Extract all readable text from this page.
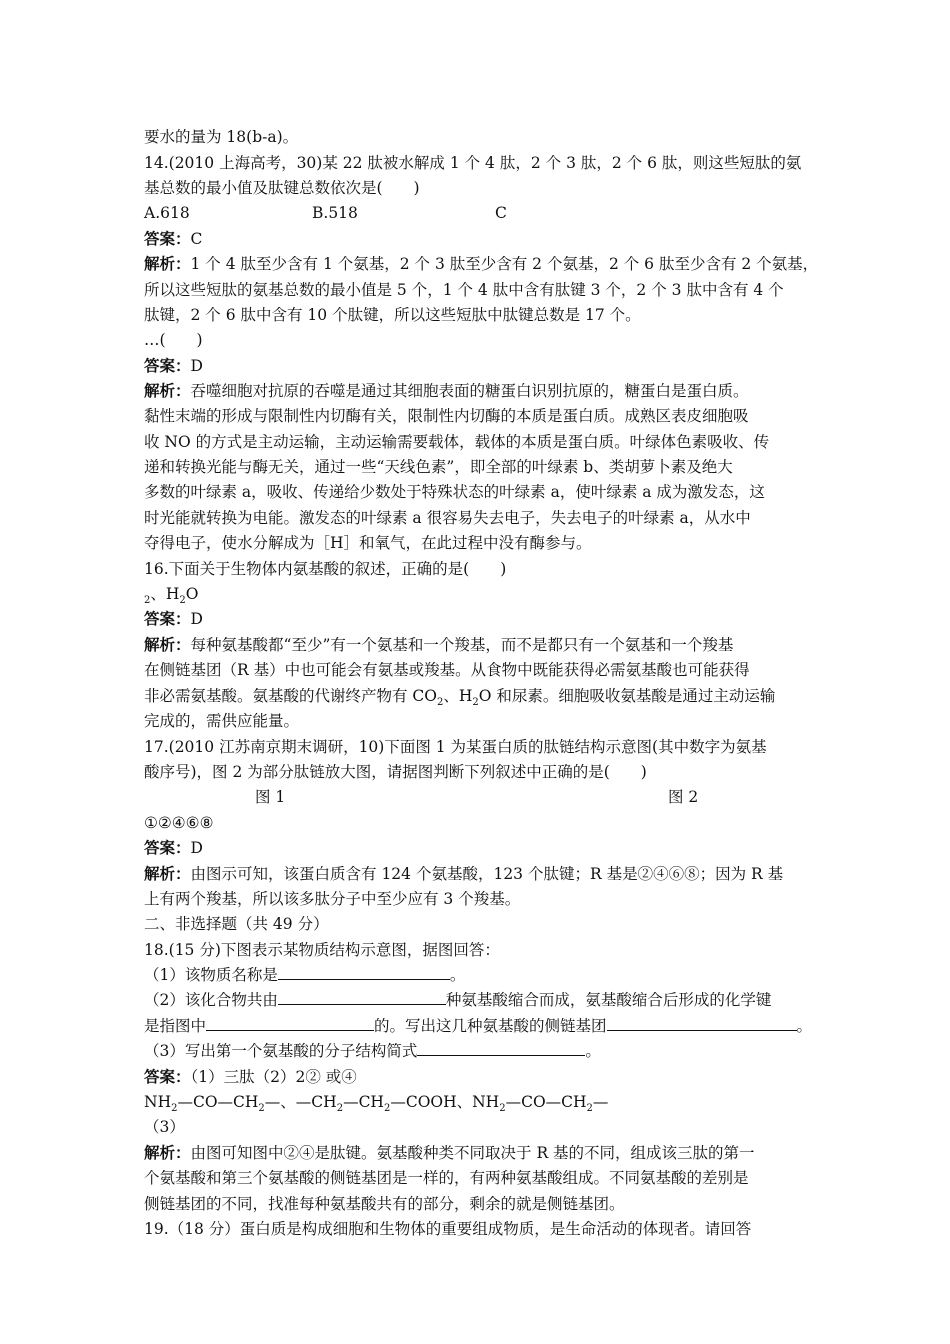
要水的量为 18(b-a)。
14.(2010 上海高考，30)某 22 肽被水解成 1 个 4 肽，2 个 3 肽，2 个 6 肽，则这些短肽的氨
基总数的最小值及肽键总数依次是(　　)
A.618	B.518	C
答案：C
解析：1 个 4 肽至少含有 1 个氨基，2 个 3 肽至少含有 2 个氨基，2 个 6 肽至少含有 2 个氨基，
所以这些短肽的氨基总数的最小值是 5 个，1 个 4 肽中含有肽键 3 个，2 个 3 肽中含有 4 个
肽键，2 个 6 肽中含有 10 个肽键，所以这些短肽中肽键总数是 17 个。
…(　　)
答案：D
解析：吞噬细胞对抗原的吞噬是通过其细胞表面的糖蛋白识别抗原的，糖蛋白是蛋白质。
黏性末端的形成与限制性内切酶有关，限制性内切酶的本质是蛋白质。成熟区表皮细胞吸
收 NO 的方式是主动运输，主动运输需要载体，载体的本质是蛋白质。叶绿体色素吸收、传
递和转换光能与酶无关，通过一些“天线色素”，即全部的叶绿素 b、类胡萝卜素及绝大
多数的叶绿素 a，吸收、传递给少数处于特殊状态的叶绿素 a，使叶绿素 a 成为激发态，这
时光能就转换为电能。激发态的叶绿素 a 很容易失去电子，失去电子的叶绿素 a，从水中
夺得电子，使水分解成为［H］和氧气，在此过程中没有酶参与。
16.下面关于生物体内氨基酸的叙述，正确的是(　　)
$_2$、$H_2O$
答案：D
解析：每种氨基酸都“至少”有一个氨基和一个羧基，而不是都只有一个氨基和一个羧基
在侧链基团（R 基）中也可能会有氨基或羧基。从食物中既能获得必需氨基酸也可能获得
非必需氨基酸。氨基酸的代谢终产物有 $CO_2$、$H_2O$ 和尿素。细胞吸收氨基酸是通过主动运输
完成的，需供应能量。
17.(2010 江苏南京期末调研，10)下面图 1 为某蛋白质的肽链结构示意图(其中数字为氨基
酸序号)，图 2 为部分肽链放大图，请据图判断下列叙述中正确的是(　　)
图 1	图 2
①②④⑥⑧
答案：D
解析：由图示可知，该蛋白质含有 124 个氨基酸，123 个肽键；R 基是②④⑥⑧；因为 R 基
上有两个羧基，所以该多肽分子中至少应有 3 个羧基。
二、非选择题（共 49 分）
18.(15 分)下图表示某物质结构示意图，据图回答：
（1）该物质名称是	。
（2）该化合物共由	种氨基酸缩合而成，氨基酸缩合后形成的化学键
是指图中	的。写出这几种氨基酸的侧链基团	。
（3）写出第一个氨基酸的分子结构简式	。
答案：（1）三肽（2）2② 或④
$NH_2—CO—CH_2—$、$—CH_2—CH_2—COOH$、$NH_2—CO—CH_2—$
（3）
解析：由图可知图中②④是肽键。氨基酸种类不同取决于 R 基的不同，组成该三肽的第一
个氨基酸和第三个氨基酸的侧链基团是一样的，有两种氨基酸组成。不同氨基酸的差别是
侧链基团的不同，找准每种氨基酸共有的部分，剩余的就是侧链基团。
19.（18 分）蛋白质是构成细胞和生物体的重要组成物质，是生命活动的体现者。请回答
